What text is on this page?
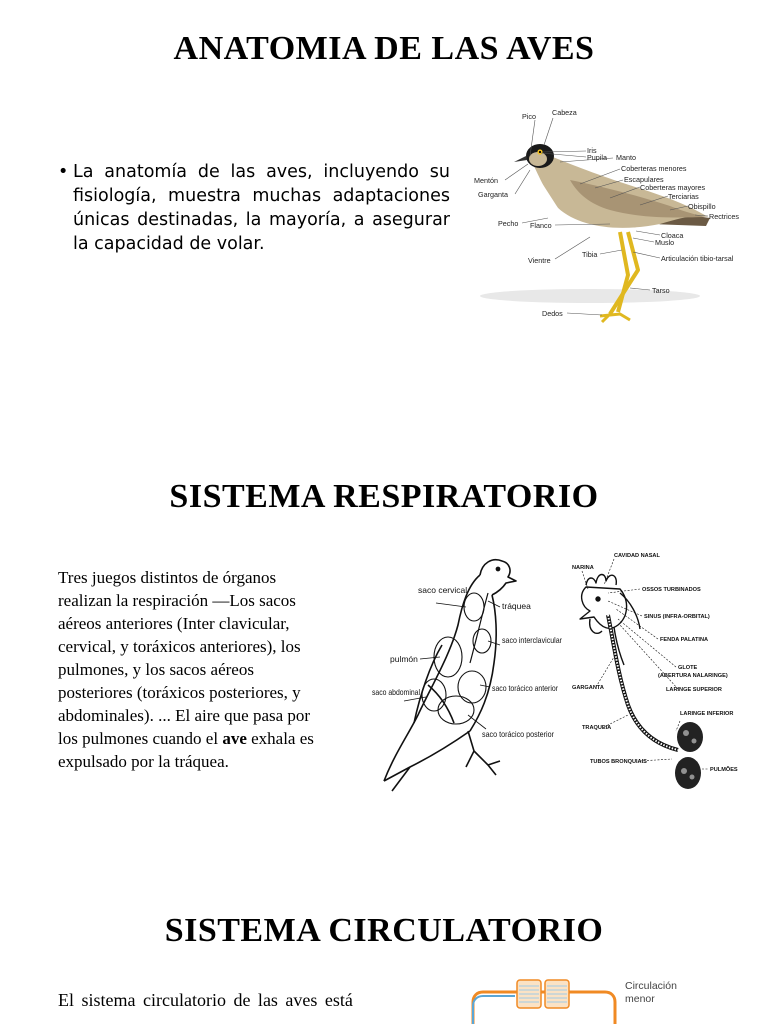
ANATOMIA DE LAS AVES
• La anatomía de las aves, incluyendo su fisiología, muestra muchas adaptaciones únicas destinadas, la mayoría, a asegurar la capacidad de volar.
Pico Cabeza
Iris
Pupila Manto
Mentón
Garganta
Coberteras menores
Escapulares
Coberteras mayores
Terciarias
Obispillo
Rectrices
Pecho Flanco
Cloaca
Muslo
Tibia
Vientre	Articulación tibio-tarsal
Tarso
Dedos
SISTEMA RESPIRATORIO
Tres juegos distintos de órganos
realizan la respiración —Los sacos
aéreos anteriores (Inter clavicular,
cervical, y toráxicos anteriores), los
pulmones, y los sacos aéreos
posteriores (toráxicos posteriores, y
abdominales). ... El aire que pasa por
los pulmones cuando el ave exhala es
expulsado por la tráquea.
saco cervical
tráquea
saco interclavicular
pulmón
saco torácico anterior
saco abdominal
saco torácico posterior
CAVIDAD NASAL
NARINA
OSSOS TURBINADOS
SINUS (INFRA-ORBITAL)
FENDA PALATINA
GLOTE
(ABERTURA NALARINGE)
LARINGE SUPERIOR
GARGANTA
LARINGE INFERIOR
TRAQUEIA
TUBOS BRONQUIAIS
PULMÕES
SISTEMA CIRCULATORIO
El sistema circulatorio de las aves está
Circulación menor
